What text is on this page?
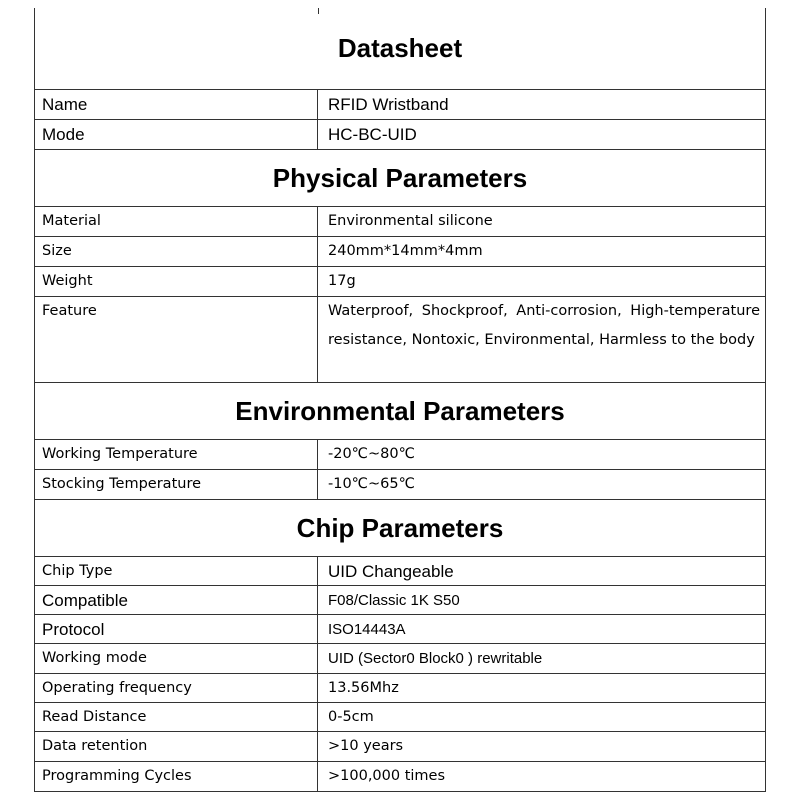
Datasheet
Name	RFID Wristband
Mode	HC-BC-UID
Physical Parameters
Material	Environmental silicone
Size	240mm*14mm*4mm
Weight	17g
Feature	Waterproof, Shockproof, Anti-corrosion, High-temperature resistance, Nontoxic, Environmental, Harmless to the body
Environmental Parameters
Working Temperature	-20℃~80℃
Stocking Temperature	-10℃~65℃
Chip Parameters
Chip Type	UID Changeable
Compatible	F08/Classic 1K S50
Protocol	ISO14443A
Working mode	UID (Sector0 Block0 ) rewritable
Operating frequency	13.56Mhz
Read Distance	0-5cm
Data retention	>10 years
Programming Cycles	>100,000 times
